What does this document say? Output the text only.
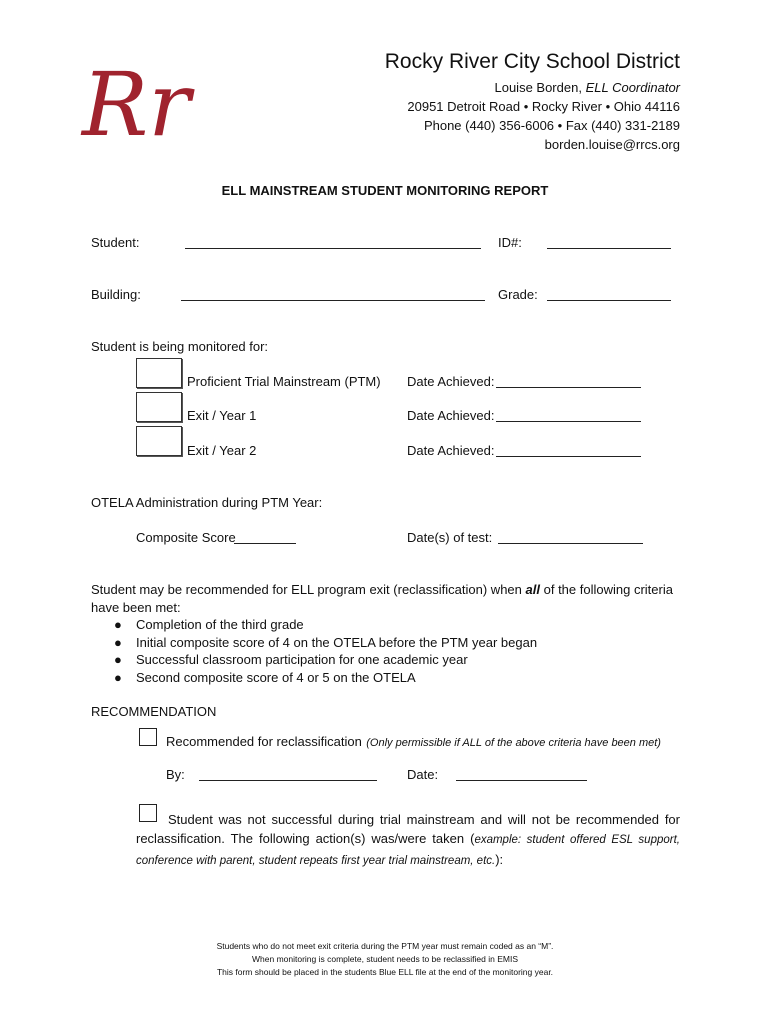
Rr	Rocky River City School District
Louise Borden, ELL Coordinator
20951 Detroit Road • Rocky River • Ohio 44116
Phone (440) 356-6006 • Fax (440) 331-2189
borden.louise@rrcs.org
ELL MAINSTREAM STUDENT MONITORING REPORT
Student:	ID#:
Building:	Grade:
Student is being monitored for:
Proficient Trial Mainstream (PTM) Date Achieved:
Exit / Year 1	Date Achieved:
Exit / Year 2	Date Achieved:
OTELA Administration during PTM Year:
Composite Score	Date(s) of test:
Student may be recommended for ELL program exit (reclassification) when all of the following criteria
have been met:
● Completion of the third grade
● Initial composite score of 4 on the OTELA before the PTM year began
● Successful classroom participation for one academic year
● Second composite score of 4 or 5 on the OTELA
RECOMMENDATION
Recommended for reclassification (Only permissible if ALL of the above criteria have been met)
By:	Date:
Student was not successful during trial mainstream and will not be recommended for reclassification. The following action(s) was/were taken (example: student offered ESL support, conference with parent, student repeats first year trial mainstream, etc.):
Students who do not meet exit criteria during the PTM year must remain coded as an “M”.
When monitoring is complete, student needs to be reclassified in EMIS
This form should be placed in the students Blue ELL file at the end of the monitoring year.
